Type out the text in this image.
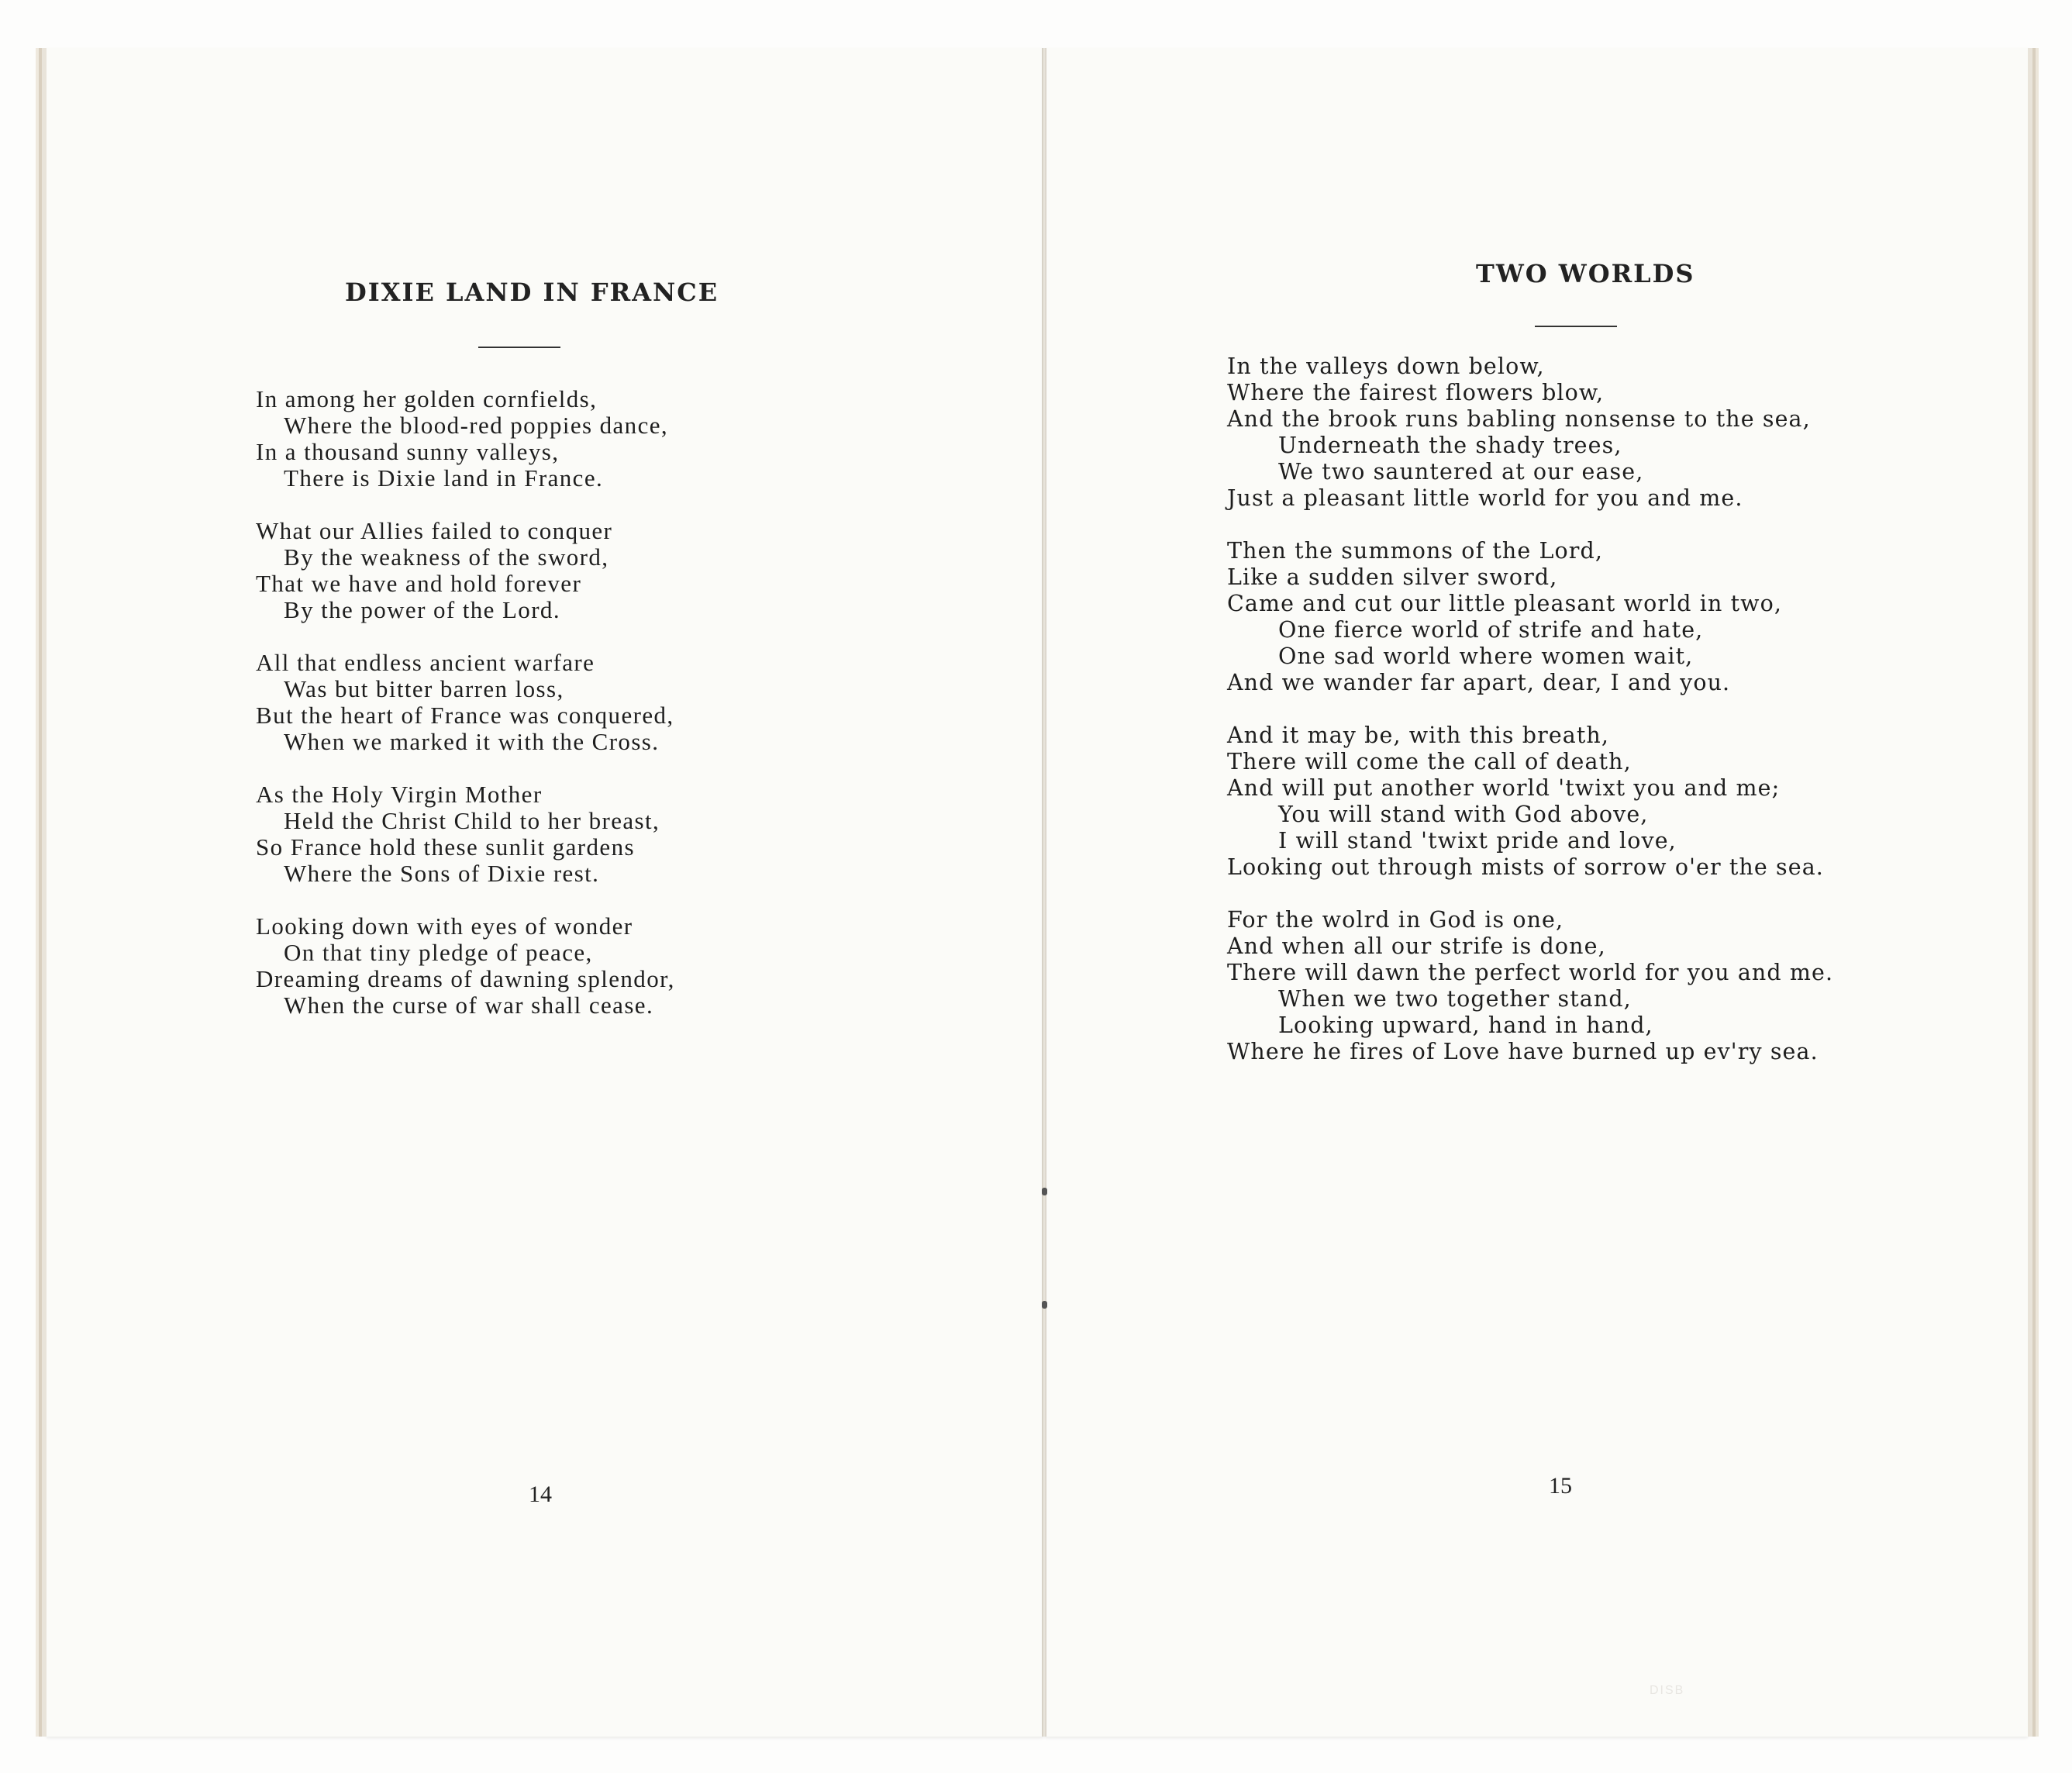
DIXIE LAND IN FRANCE
In among her golden cornfields,
Where the blood-red poppies dance,
In a thousand sunny valleys,
There is Dixie land in France.
What our Allies failed to conquer
By the weakness of the sword,
That we have and hold forever
By the power of the Lord.
All that endless ancient warfare
Was but bitter barren loss,
But the heart of France was conquered,
When we marked it with the Cross.
As the Holy Virgin Mother
Held the Christ Child to her breast,
So France hold these sunlit gardens
Where the Sons of Dixie rest.
Looking down with eyes of wonder
On that tiny pledge of peace,
Dreaming dreams of dawning splendor,
When the curse of war shall cease.
14
TWO WORLDS
In the valleys down below,
Where the fairest flowers blow,
And the brook runs babling nonsense to the sea,
Underneath the shady trees,
We two sauntered at our ease,
Just a pleasant little world for you and me.
Then the summons of the Lord,
Like a sudden silver sword,
Came and cut our little pleasant world in two,
One fierce world of strife and hate,
One sad world where women wait,
And we wander far apart, dear, I and you.
And it may be, with this breath,
There will come the call of death,
And will put another world 'twixt you and me;
You will stand with God above,
I will stand 'twixt pride and love,
Looking out through mists of sorrow o'er the sea.
For the wolrd in God is one,
And when all our strife is done,
There will dawn the perfect world for you and me.
When we two together stand,
Looking upward, hand in hand,
Where he fires of Love have burned up ev'ry sea.
15
DISB
